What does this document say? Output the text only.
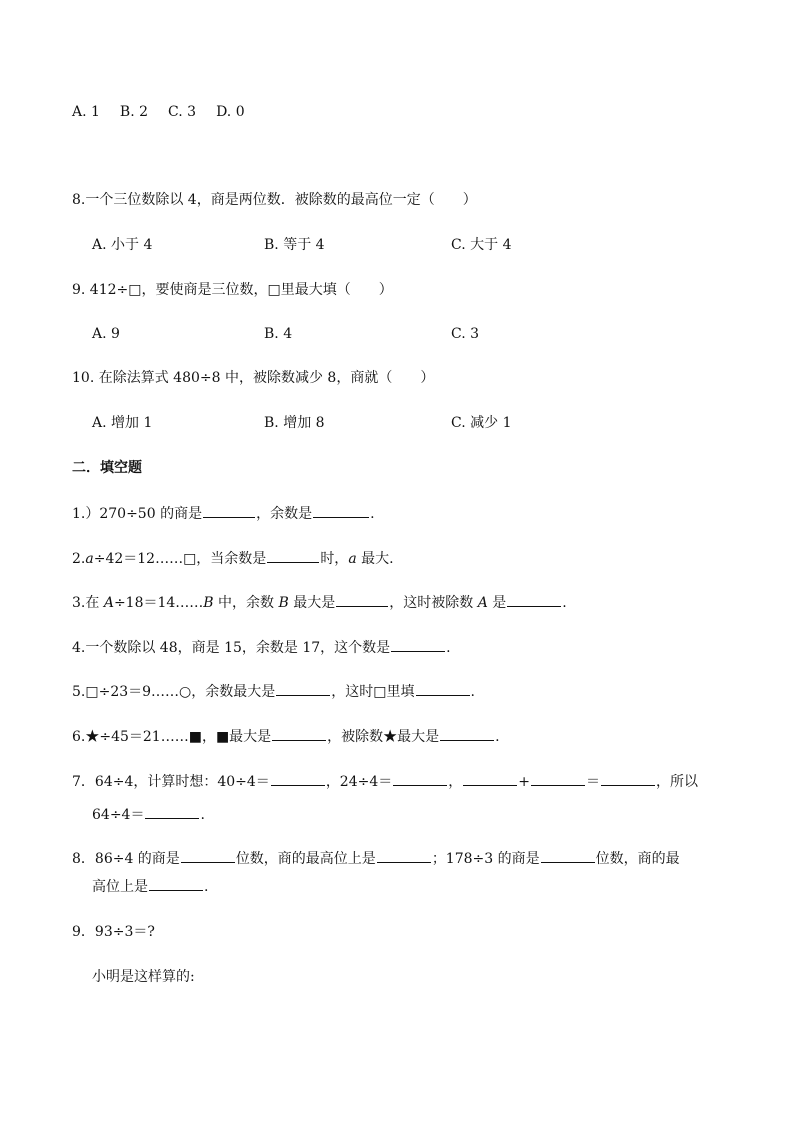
A. 1 B. 2 C. 3 D. 0
8.一个三位数除以 4，商是两位数．被除数的最高位一定（　　）
A. 小于 4	B. 等于 4	C. 大于 4
9. 412÷□，要使商是三位数，□里最大填（　　）
A. 9	B. 4	C. 3
10. 在除法算式 480÷8 中，被除数减少 8，商就（　　）
A. 增加 1	B. 增加 8	C. 减少 1
二．填空题
1.）270÷50 的商是	，余数是	.
2.a÷42＝12……□，当余数是	时，a 最大.
3.在 A÷18＝14……B 中，余数 B 最大是	，这时被除数 A 是	.
4.一个数除以 48，商是 15，余数是 17，这个数是	.
5.□÷23＝9……○，余数最大是	，这时□里填	.
6.★÷45＝21……■，■最大是	，被除数★最大是	.
7．64÷4，计算时想：40÷4＝	，24÷4＝	，	+	＝	，所以
64÷4＝	.
8．86÷4 的商是	位数，商的最高位上是	；178÷3 的商是	位数，商的最
高位上是	.
9．93÷3＝?
小明是这样算的:
